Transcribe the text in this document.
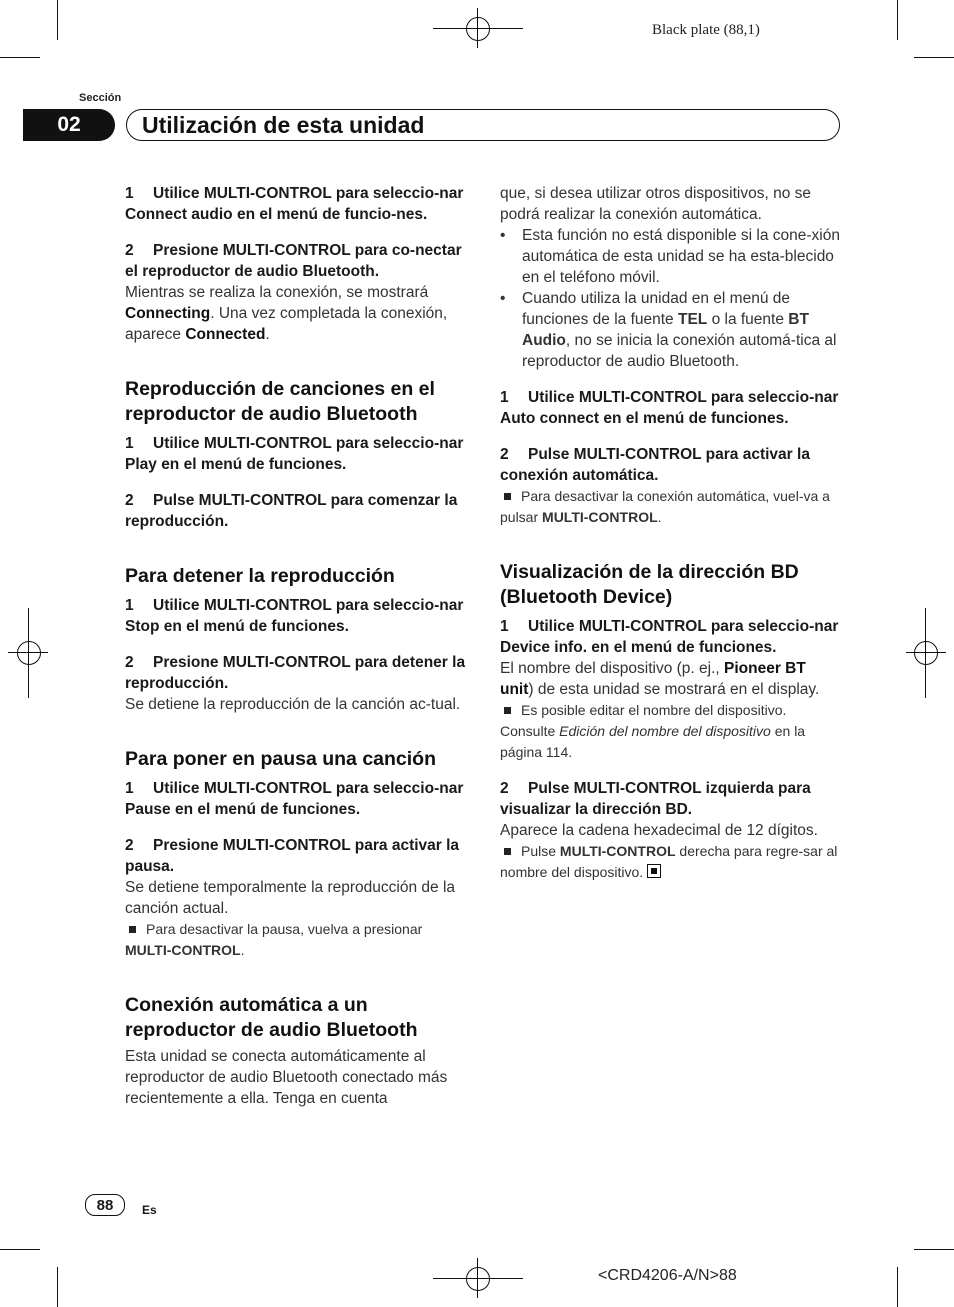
Black plate (88,1)
Sección
02	Utilización de esta unidad

1 Utilice MULTI-CONTROL para seleccio-nar Connect audio en el menú de funcio-nes.

2 Presione MULTI-CONTROL para co-nectar el reproductor de audio Bluetooth.

Mientras se realiza la conexión, se mostrará Connecting. Una vez completada la conexión, aparece Connected.

Reproducción de canciones en el reproductor de audio Bluetooth

1 Utilice MULTI-CONTROL para seleccio-nar Play en el menú de funciones.

2 Pulse MULTI-CONTROL para comenzar la reproducción.

Para detener la reproducción

1 Utilice MULTI-CONTROL para seleccio-nar Stop en el menú de funciones.

2 Presione MULTI-CONTROL para detener la reproducción.

Se detiene la reproducción de la canción ac-tual.

Para poner en pausa una canción

1 Utilice MULTI-CONTROL para seleccio-nar Pause en el menú de funciones.

2 Presione MULTI-CONTROL para activar la pausa.

Se detiene temporalmente la reproducción de la canción actual.

Para desactivar la pausa, vuelva a presionar
MULTI-CONTROL.

Conexión automática a un reproductor de audio Bluetooth

Esta unidad se conecta automáticamente al reproductor de audio Bluetooth conectado más recientemente a ella. Tenga en cuenta

que, si desea utilizar otros dispositivos, no se podrá realizar la conexión automática.

• Esta función no está disponible si la cone-xión automática de esta unidad se ha esta-blecido en el teléfono móvil.

• Cuando utiliza la unidad en el menú de funciones de la fuente TEL o la fuente BT Audio, no se inicia la conexión automá-tica al reproductor de audio Bluetooth.

1 Utilice MULTI-CONTROL para seleccio-nar Auto connect en el menú de funciones.

2 Pulse MULTI-CONTROL para activar la conexión automática.

Para desactivar la conexión automática, vuel-va a pulsar MULTI-CONTROL.

Visualización de la dirección BD (Bluetooth Device)

1 Utilice MULTI-CONTROL para seleccio-nar Device info. en el menú de funciones.

El nombre del dispositivo (p. ej., Pioneer BT unit) de esta unidad se mostrará en el display.

Es posible editar el nombre del dispositivo.
Consulte Edición del nombre del dispositivo en la página 114.

2 Pulse MULTI-CONTROL izquierda para visualizar la dirección BD.

Aparece la cadena hexadecimal de 12 dígitos.

Pulse MULTI-CONTROL derecha para regre-sar al nombre del dispositivo.

88	Es
<CRD4206-A/N>88
